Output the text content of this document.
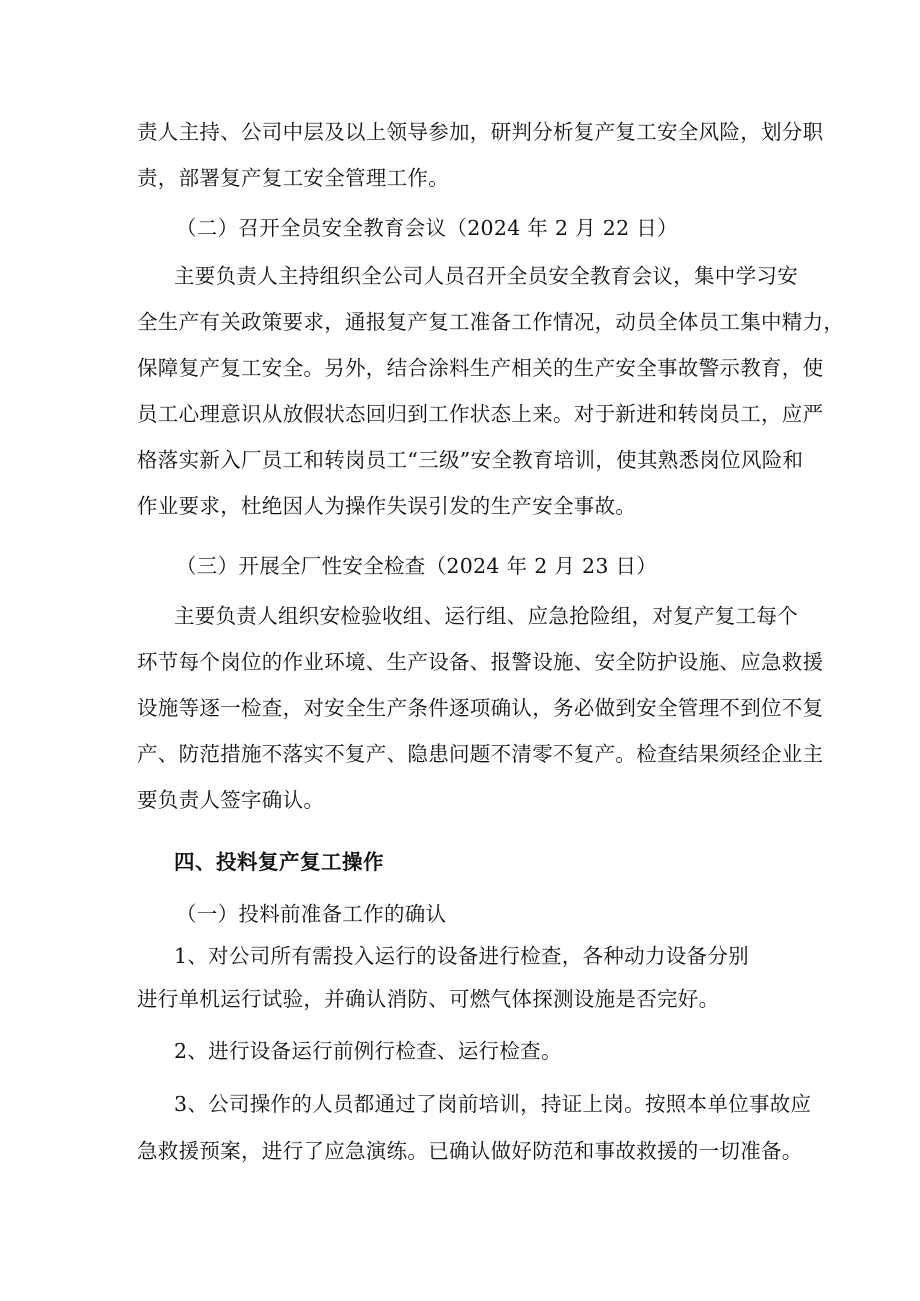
责人主持、公司中层及以上领导参加，研判分析复产复工安全风险，划分职
责，部署复产复工安全管理工作。
（二）召开全员安全教育会议（2024 年 2 月 22 日）
主要负责人主持组织全公司人员召开全员安全教育会议，集中学习安
全生产有关政策要求，通报复产复工准备工作情况，动员全体员工集中精力，
保障复产复工安全。另外，结合涂料生产相关的生产安全事故警示教育，使
员工心理意识从放假状态回归到工作状态上来。对于新进和转岗员工，应严
格落实新入厂员工和转岗员工“三级”安全教育培训，使其熟悉岗位风险和
作业要求，杜绝因人为操作失误引发的生产安全事故。
（三）开展全厂性安全检查（2024 年 2 月 23 日）
主要负责人组织安检验收组、运行组、应急抢险组，对复产复工每个
环节每个岗位的作业环境、生产设备、报警设施、安全防护设施、应急救援
设施等逐一检查，对安全生产条件逐项确认，务必做到安全管理不到位不复
产、防范措施不落实不复产、隐患问题不清零不复产。检查结果须经企业主
要负责人签字确认。
四、投料复产复工操作
（一）投料前准备工作的确认
1、对公司所有需投入运行的设备进行检查，各种动力设备分别
进行单机运行试验，并确认消防、可燃气体探测设施是否完好。
2、进行设备运行前例行检查、运行检查。
3、公司操作的人员都通过了岗前培训，持证上岗。按照本单位事故应
急救援预案，进行了应急演练。已确认做好防范和事故救援的一切准备。
